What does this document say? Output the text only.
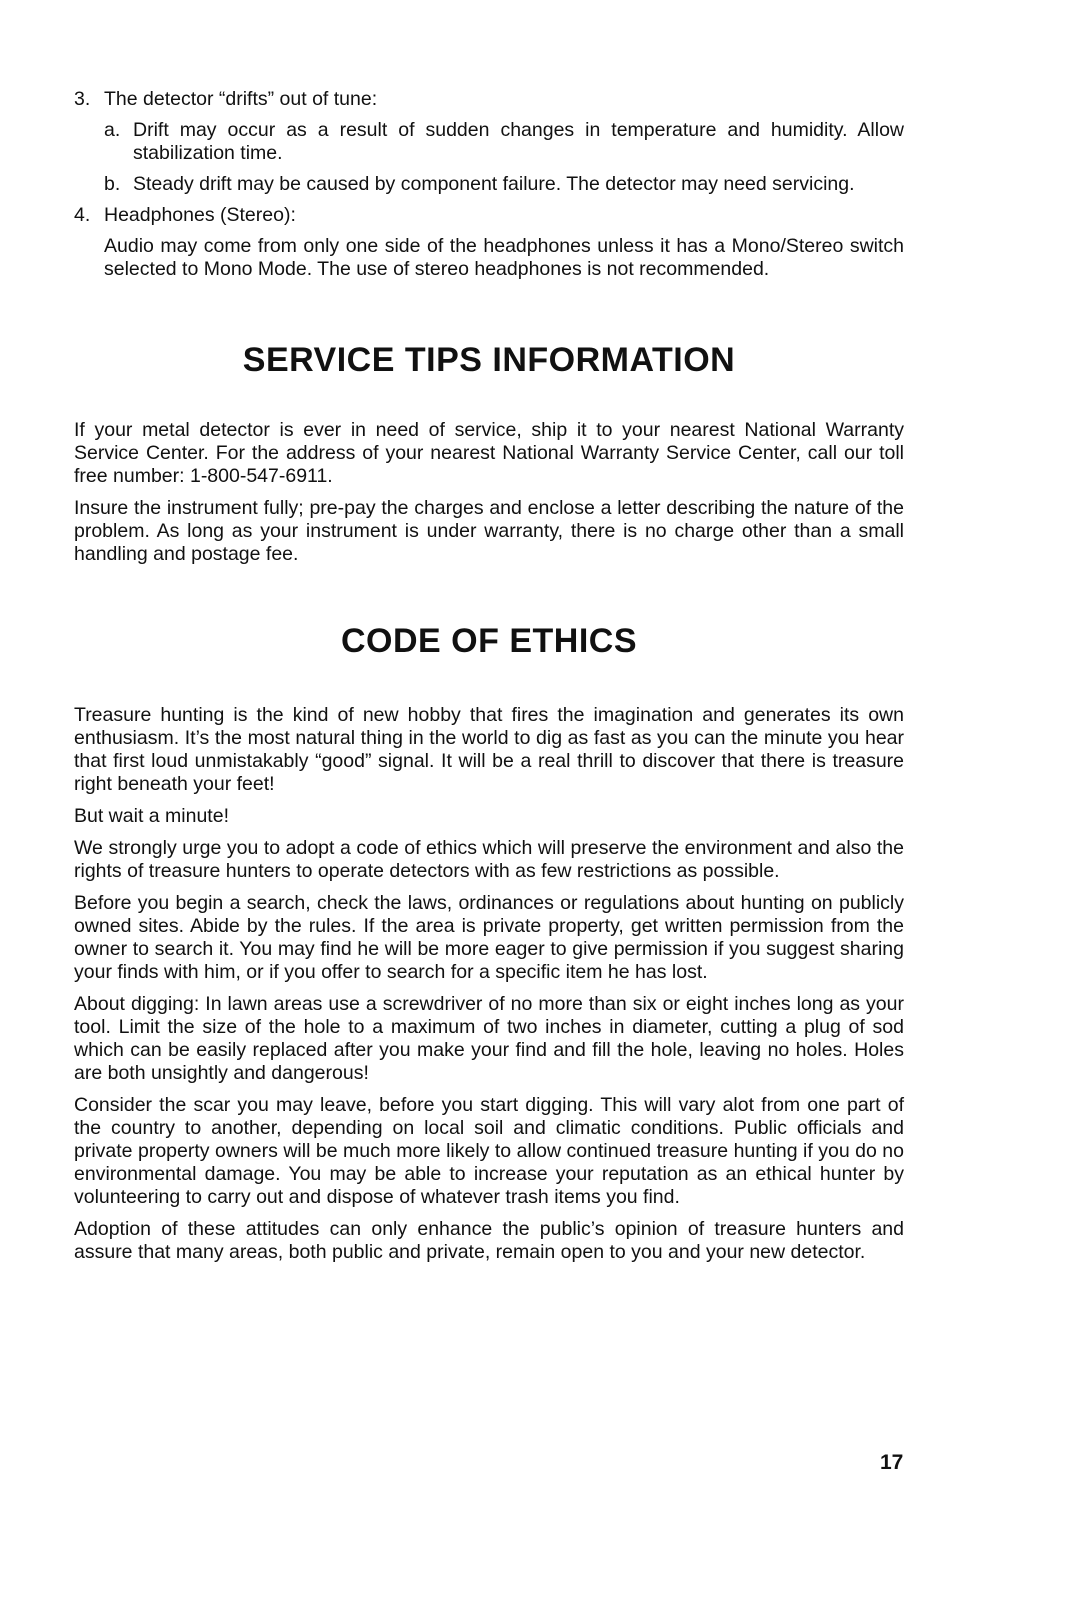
3. The detector “drifts” out of tune:
a. Drift may occur as a result of sudden changes in temperature and humidity. Allow stabilization time.
b. Steady drift may be caused by component failure. The detector may need servicing.
4. Headphones (Stereo):
Audio may come from only one side of the headphones unless it has a Mono/Stereo switch selected to Mono Mode. The use of stereo headphones is not recommended.
SERVICE TIPS INFORMATION

If your metal detector is ever in need of service, ship it to your nearest National Warranty Service Center. For the address of your nearest National Warranty Service Center, call our toll free number: 1-800-547-6911.

Insure the instrument fully; pre-pay the charges and enclose a letter describing the nature of the problem. As long as your instrument is under warranty, there is no charge other than a small handling and postage fee.

CODE OF ETHICS

Treasure hunting is the kind of new hobby that fires the imagination and generates its own enthusiasm. It’s the most natural thing in the world to dig as fast as you can the minute you hear that first loud unmistakably “good” signal. It will be a real thrill to discover that there is treasure right beneath your feet!

But wait a minute!

We strongly urge you to adopt a code of ethics which will preserve the environment and also the rights of treasure hunters to operate detectors with as few restrictions as possible.

Before you begin a search, check the laws, ordinances or regulations about hunting on publicly owned sites. Abide by the rules. If the area is private property, get written permission from the owner to search it. You may find he will be more eager to give permission if you suggest sharing your finds with him, or if you offer to search for a specific item he has lost.

About digging: In lawn areas use a screwdriver of no more than six or eight inches long as your tool. Limit the size of the hole to a maximum of two inches in diameter, cutting a plug of sod which can be easily replaced after you make your find and fill the hole, leaving no holes. Holes are both unsightly and dangerous!

Consider the scar you may leave, before you start digging. This will vary alot from one part of the country to another, depending on local soil and climatic conditions. Public officials and private property owners will be much more likely to allow continued treasure hunting if you do no environmental damage. You may be able to increase your reputation as an ethical hunter by volunteering to carry out and dispose of whatever trash items you find.

Adoption of these attitudes can only enhance the public’s opinion of treasure hunters and assure that many areas, both public and private, remain open to you and your new detector.

17
